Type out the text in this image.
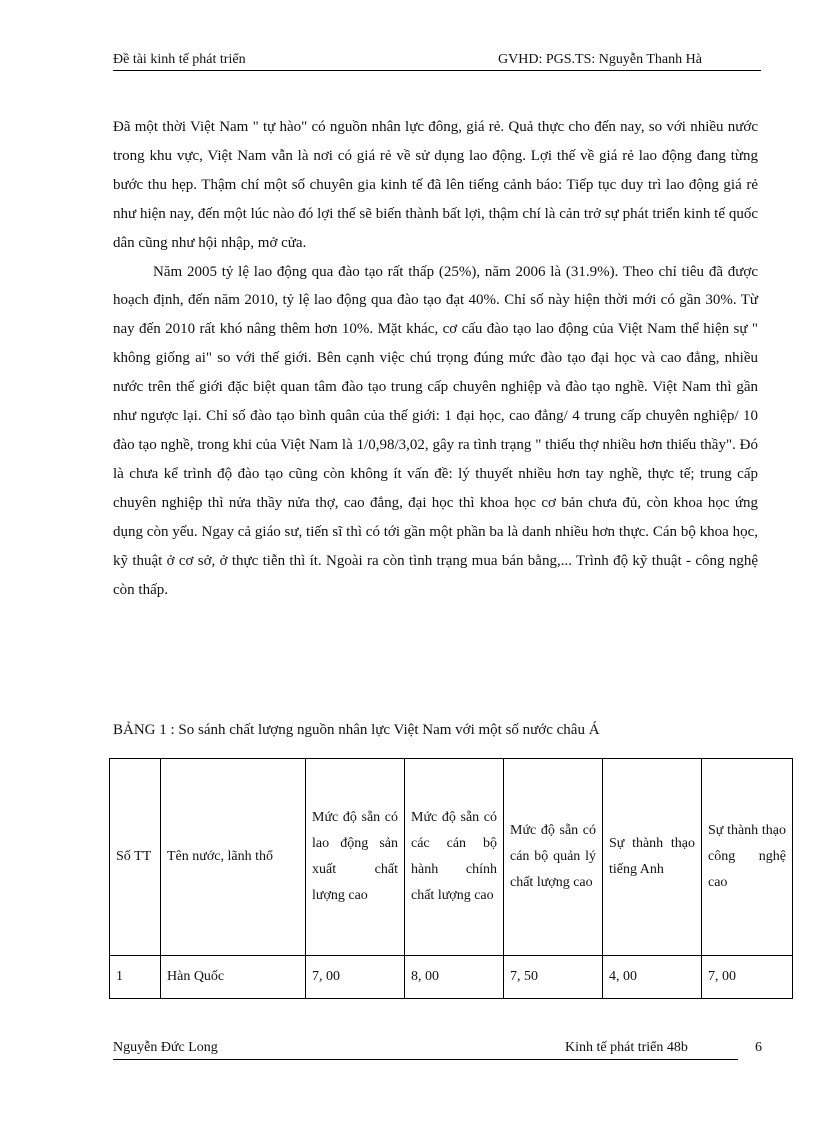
Đề tài kinh tế phát triển	GVHD: PGS.TS: Nguyễn Thanh Hà

Đã một thời Việt Nam " tự hào" có nguồn nhân lực đông, giá rẻ. Quả thực cho đến nay, so với nhiều nước trong khu vực, Việt Nam vẫn là nơi có giá rẻ về sử dụng lao động. Lợi thế về giá rẻ lao động đang từng bước thu hẹp. Thậm chí một số chuyên gia kinh tế đã lên tiếng cảnh báo: Tiếp tục duy trì lao động giá rẻ như hiện nay, đến một lúc nào đó lợi thế sẽ biến thành bất lợi, thậm chí là cản trở sự phát triển kinh tế quốc dân cũng như hội nhập, mở cửa.

Năm 2005 tỷ lệ lao động qua đào tạo rất thấp (25%), năm 2006 là (31.9%). Theo chỉ tiêu đã được hoạch định, đến năm 2010, tỷ lệ lao động qua đào tạo đạt 40%. Chỉ số này hiện thời mới có gần 30%. Từ nay đến 2010 rất khó nâng thêm hơn 10%. Mặt khác, cơ cấu đào tạo lao động của Việt Nam thể hiện sự " không giống ai" so với thế giới. Bên cạnh việc chú trọng đúng mức đào tạo đại học và cao đẳng, nhiều nước trên thế giới đặc biệt quan tâm đào tạo trung cấp chuyên nghiệp và đào tạo nghề. Việt Nam thì gần như ngược lại. Chỉ số đào tạo bình quân của thế giới: 1 đại học, cao đẳng/ 4 trung cấp chuyên nghiệp/ 10 đào tạo nghề, trong khi của Việt Nam là 1/0,98/3,02, gây ra tình trạng " thiếu thợ nhiều hơn thiếu thầy". Đó là chưa kể trình độ đào tạo cũng còn không ít vấn đề: lý thuyết nhiều hơn tay nghề, thực tế; trung cấp chuyên nghiệp thì nửa thầy nửa thợ, cao đẳng, đại học thì khoa học cơ bản chưa đủ, còn khoa học ứng dụng còn yếu. Ngay cả giáo sư, tiến sĩ thì có tới gần một phần ba là danh nhiều hơn thực. Cán bộ khoa học, kỹ thuật ở cơ sở, ở thực tiễn thì ít. Ngoài ra còn tình trạng mua bán bằng,... Trình độ kỹ thuật - công nghệ còn thấp.

BẢNG 1 : So sánh chất lượng nguồn nhân lực Việt Nam với một số nước châu Á
Số TT	Tên nước, lãnh thổ	Mức độ sẵn có lao động sản xuất chất lượng cao	Mức độ sẵn có các cán bộ hành chính chất lượng cao	Mức độ sẵn có cán bộ quản lý chất lượng cao	Sự thành thạo tiếng Anh	Sự thành thạo công nghệ cao
1	Hàn Quốc	7, 00	8, 00	7, 50	4, 00	7, 00
Nguyễn Đức Long	Kinh tế phát triển 48b	6
